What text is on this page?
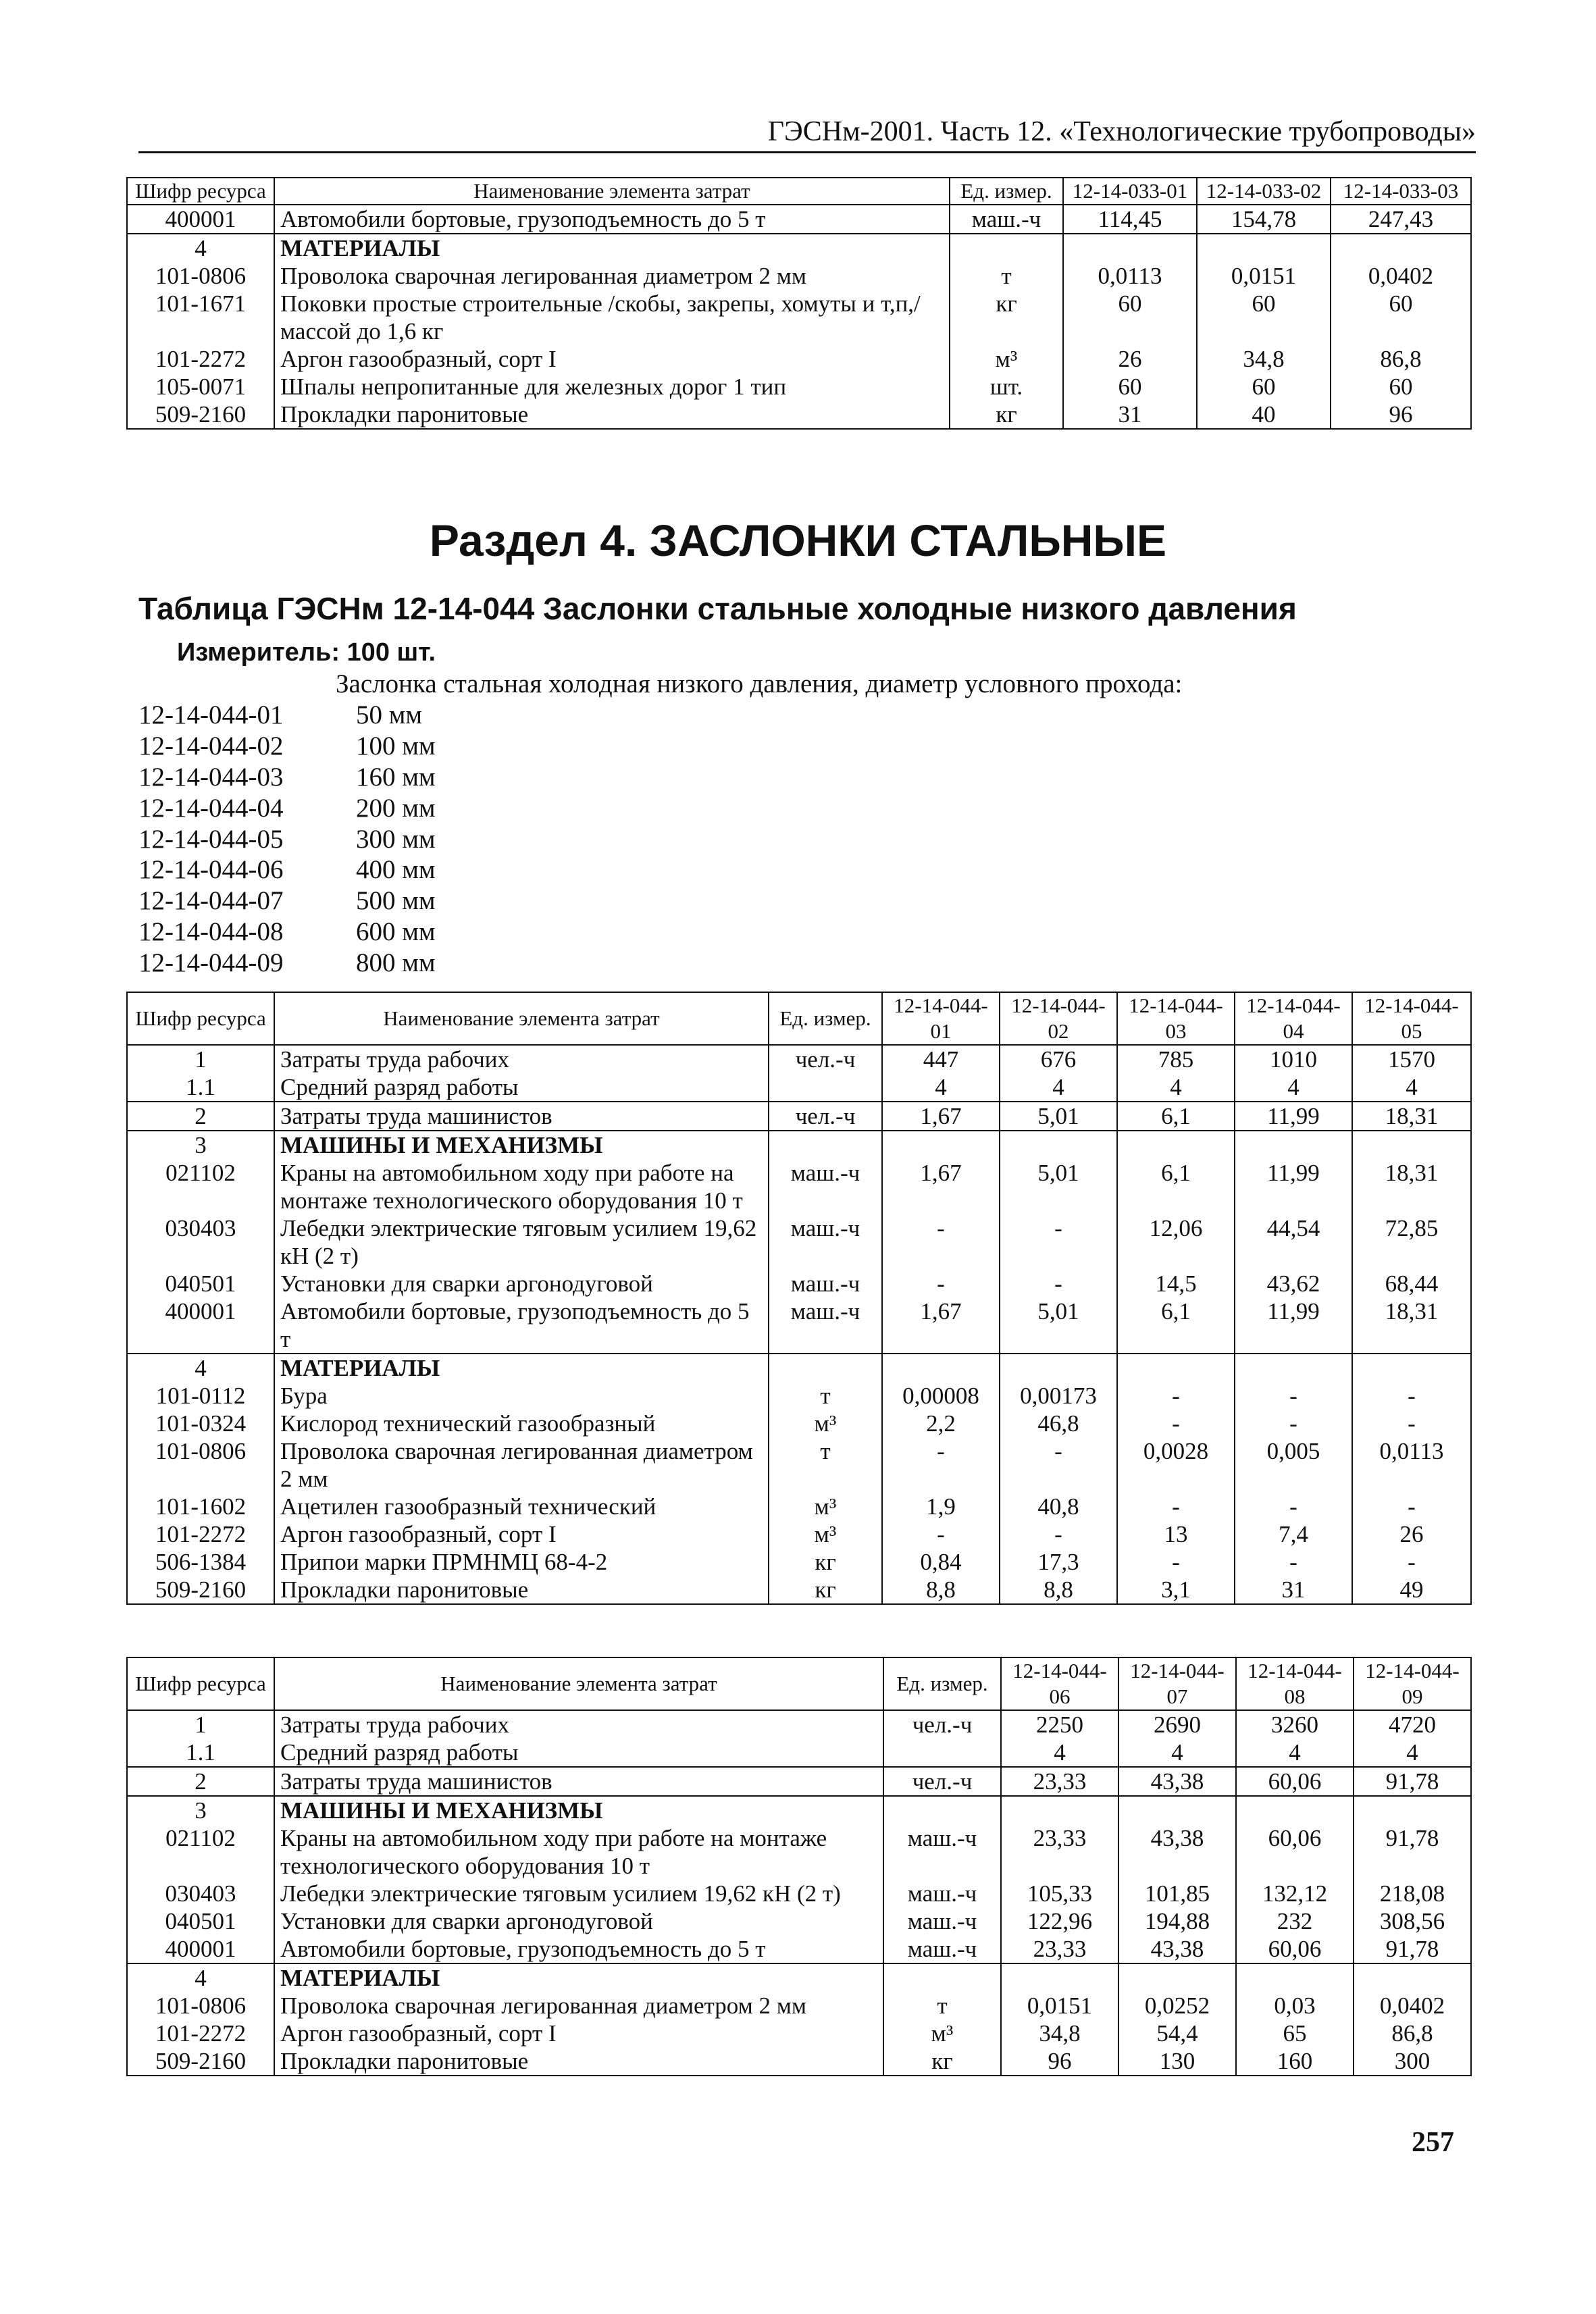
ГЭСНм-2001. Часть 12. «Технологические трубопроводы»
Шифр ресурса	Наименование элемента затрат	Ед. измер.	12-14-033-01	12-14-033-02	12-14-033-03
400001	Автомобили бортовые, грузоподъемность до 5 т	маш.-ч	114,45	154,78	247,43
4	МАТЕРИАЛЫ				
101-0806	Проволока сварочная легированная диаметром 2 мм	т	0,0113	0,0151	0,0402
101-1671	Поковки простые строительные /скобы, закрепы, хомуты и т,п,/ массой до 1,6 кг	кг	60	60	60
101-2272	Аргон газообразный, сорт I	м³	26	34,8	86,8
105-0071	Шпалы непропитанные для железных дорог 1 тип	шт.	60	60	60
509-2160	Прокладки паронитовые	кг	31	40	96
Раздел 4. ЗАСЛОНКИ СТАЛЬНЫЕ
Таблица ГЭСНм 12-14-044 Заслонки стальные холодные низкого давления
Измеритель: 100 шт.
Заслонка стальная холодная низкого давления, диаметр условного прохода:
12-14-044-01	50 мм
12-14-044-02	100 мм
12-14-044-03	160 мм
12-14-044-04	200 мм
12-14-044-05	300 мм
12-14-044-06	400 мм
12-14-044-07	500 мм
12-14-044-08	600 мм
12-14-044-09	800 мм
Шифр ресурса	Наименование элемента затрат	Ед. измер.	12-14-044-01	12-14-044-02	12-14-044-03	12-14-044-04	12-14-044-05
1	Затраты труда рабочих	чел.-ч	447	676	785	1010	1570
1.1	Средний разряд работы		4	4	4	4	4
2	Затраты труда машинистов	чел.-ч	1,67	5,01	6,1	11,99	18,31
3	МАШИНЫ И МЕХАНИЗМЫ						
021102	Краны на автомобильном ходу при работе на монтаже технологического оборудования 10 т	маш.-ч	1,67	5,01	6,1	11,99	18,31
030403	Лебедки электрические тяговым усилием 19,62 кН (2 т)	маш.-ч	-	-	12,06	44,54	72,85
040501	Установки для сварки аргонодуговой	маш.-ч	-	-	14,5	43,62	68,44
400001	Автомобили бортовые, грузоподъемность до 5 т	маш.-ч	1,67	5,01	6,1	11,99	18,31
4	МАТЕРИАЛЫ						
101-0112	Бура	т	0,00008	0,00173	-	-	-
101-0324	Кислород технический газообразный	м³	2,2	46,8	-	-	-
101-0806	Проволока сварочная легированная диаметром 2 мм	т	-	-	0,0028	0,005	0,0113
101-1602	Ацетилен газообразный технический	м³	1,9	40,8	-	-	-
101-2272	Аргон газообразный, сорт I	м³	-	-	13	7,4	26
506-1384	Припои марки ПРМНМЦ 68-4-2	кг	0,84	17,3	-	-	-
509-2160	Прокладки паронитовые	кг	8,8	8,8	3,1	31	49
Шифр ресурса	Наименование элемента затрат	Ед. измер.	12-14-044-06	12-14-044-07	12-14-044-08	12-14-044-09
1	Затраты труда рабочих	чел.-ч	2250	2690	3260	4720
1.1	Средний разряд работы		4	4	4	4
2	Затраты труда машинистов	чел.-ч	23,33	43,38	60,06	91,78
3	МАШИНЫ И МЕХАНИЗМЫ					
021102	Краны на автомобильном ходу при работе на монтаже технологического оборудования 10 т	маш.-ч	23,33	43,38	60,06	91,78
030403	Лебедки электрические тяговым усилием 19,62 кН (2 т)	маш.-ч	105,33	101,85	132,12	218,08
040501	Установки для сварки аргонодуговой	маш.-ч	122,96	194,88	232	308,56
400001	Автомобили бортовые, грузоподъемность до 5 т	маш.-ч	23,33	43,38	60,06	91,78
4	МАТЕРИАЛЫ					
101-0806	Проволока сварочная легированная диаметром 2 мм	т	0,0151	0,0252	0,03	0,0402
101-2272	Аргон газообразный, сорт I	м³	34,8	54,4	65	86,8
509-2160	Прокладки паронитовые	кг	96	130	160	300
257
